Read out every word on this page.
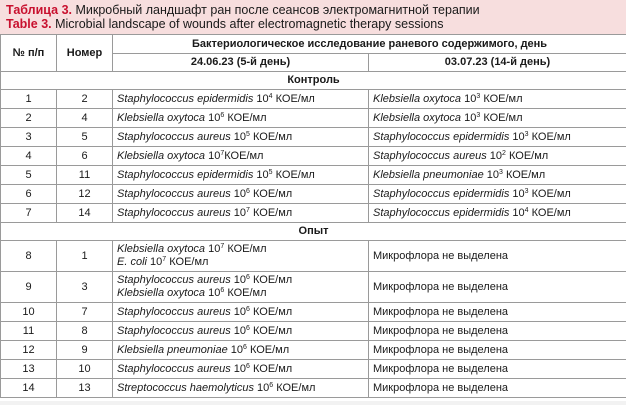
Таблица 3. Микробный ландшафт ран после сеансов электромагнитной терапии
Table 3. Microbial landscape of wounds after electromagnetic therapy sessions
№ п/п	Номер	Бактериологическое исследование раневого содержимого, день	
		24.06.23 (5-й день)	03.07.23 (14-й день)
Контроль			
1	2	Staphylococcus epidermidis $10^4$ КОЕ/мл	Klebsiella oxytoca $10^3$ КОЕ/мл

2	4	Klebsiella oxytoca $10^6$ КОЕ/мл	Klebsiella oxytoca $10^3$ КОЕ/мл

3	5	Staphylococcus aureus $10^5$ КОЕ/мл	Staphylococcus epidermidis $10^3$ КОЕ/мл

4	6	Klebsiella oxytoca $10^7КОЕ/мл$	Staphylococcus aureus $10^2$ КОЕ/мл

5	11	Staphylococcus epidermidis $10^5$ КОЕ/мл	Klebsiella pneumoniae $10^3$ КОЕ/мл

6	12	Staphylococcus aureus $10^6$ КОЕ/мл	Staphylococcus epidermidis $10^3$ КОЕ/мл

7	14	Staphylococcus aureus $10^7$ КОЕ/мл	Staphylococcus epidermidis $10^4$ КОЕ/мл

Опыт			
8	1	Klebsiella oxytoca $10^7$ КОЕ/мл
E. coli $10^7$ КОЕ/мл	Микрофлора не выделена

9	3	Staphylococcus aureus $10^6$ КОЕ/мл
Klebsiella oxytoca $10^6$ КОЕ/мл	Микрофлора не выделена

10	7	Staphylococcus aureus $10^6$ КОЕ/мл	Микрофлора не выделена

11	8	Staphylococcus aureus $10^6$ КОЕ/мл	Микрофлора не выделена

12	9	Klebsiella pneumoniae $10^6$ КОЕ/мл	Микрофлора не выделена

13	10	Staphylococcus aureus $10^6$ КОЕ/мл	Микрофлора не выделена

14	13	Streptococcus haemolyticus $10^6$ КОЕ/мл	Микрофлора не выделена
